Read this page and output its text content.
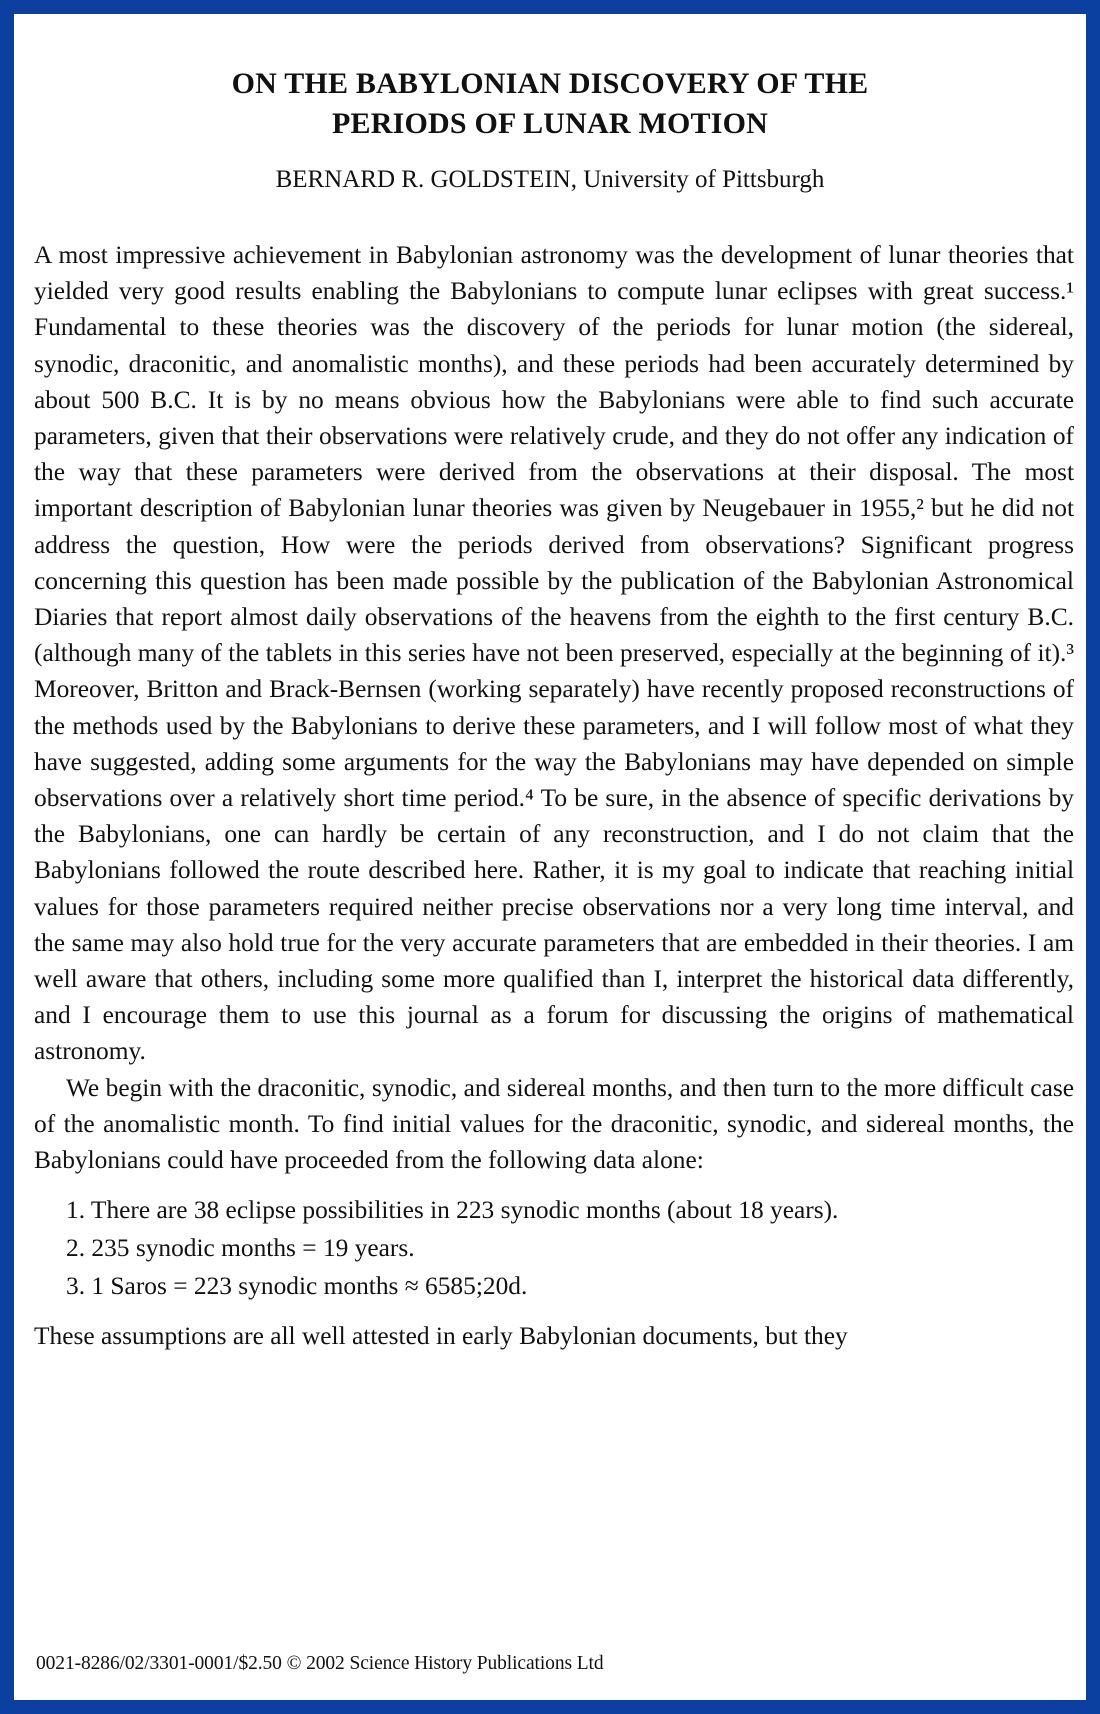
ON THE BABYLONIAN DISCOVERY OF THE
PERIODS OF LUNAR MOTION
BERNARD R. GOLDSTEIN, University of Pittsburgh

A most impressive achievement in Babylonian astronomy was the development of lunar theories that yielded very good results enabling the Babylonians to compute lunar eclipses with great success.¹ Fundamental to these theories was the discovery of the periods for lunar motion (the sidereal, synodic, draconitic, and anomalistic months), and these periods had been accurately determined by about 500 B.C. It is by no means obvious how the Babylonians were able to find such accurate parameters, given that their observations were relatively crude, and they do not offer any indication of the way that these parameters were derived from the observations at their disposal. The most important description of Babylonian lunar theories was given by Neugebauer in 1955,² but he did not address the question, How were the periods derived from observations? Significant progress concerning this question has been made possible by the publication of the Babylonian Astronomical Diaries that report almost daily observations of the heavens from the eighth to the first century B.C. (although many of the tablets in this series have not been preserved, especially at the beginning of it).³ Moreover, Britton and Brack-Bernsen (working separately) have recently proposed reconstructions of the methods used by the Babylonians to derive these parameters, and I will follow most of what they have suggested, adding some arguments for the way the Babylonians may have depended on simple observations over a relatively short time period.⁴ To be sure, in the absence of specific derivations by the Babylonians, one can hardly be certain of any reconstruction, and I do not claim that the Babylonians followed the route described here. Rather, it is my goal to indicate that reaching initial values for those parameters required neither precise observations nor a very long time interval, and the same may also hold true for the very accurate parameters that are embedded in their theories. I am well aware that others, including some more qualified than I, interpret the historical data differently, and I encourage them to use this journal as a forum for discussing the origins of mathematical astronomy.

We begin with the draconitic, synodic, and sidereal months, and then turn to the more difficult case of the anomalistic month. To find initial values for the draconitic, synodic, and sidereal months, the Babylonians could have proceeded from the following data alone:

1. There are 38 eclipse possibilities in 223 synodic months (about 18 years).
2. 235 synodic months = 19 years.
3. 1 Saros = 223 synodic months ≈ 6585;20d.

These assumptions are all well attested in early Babylonian documents, but they

0021-8286/02/3301-0001/$2.50 © 2002 Science History Publications Ltd
